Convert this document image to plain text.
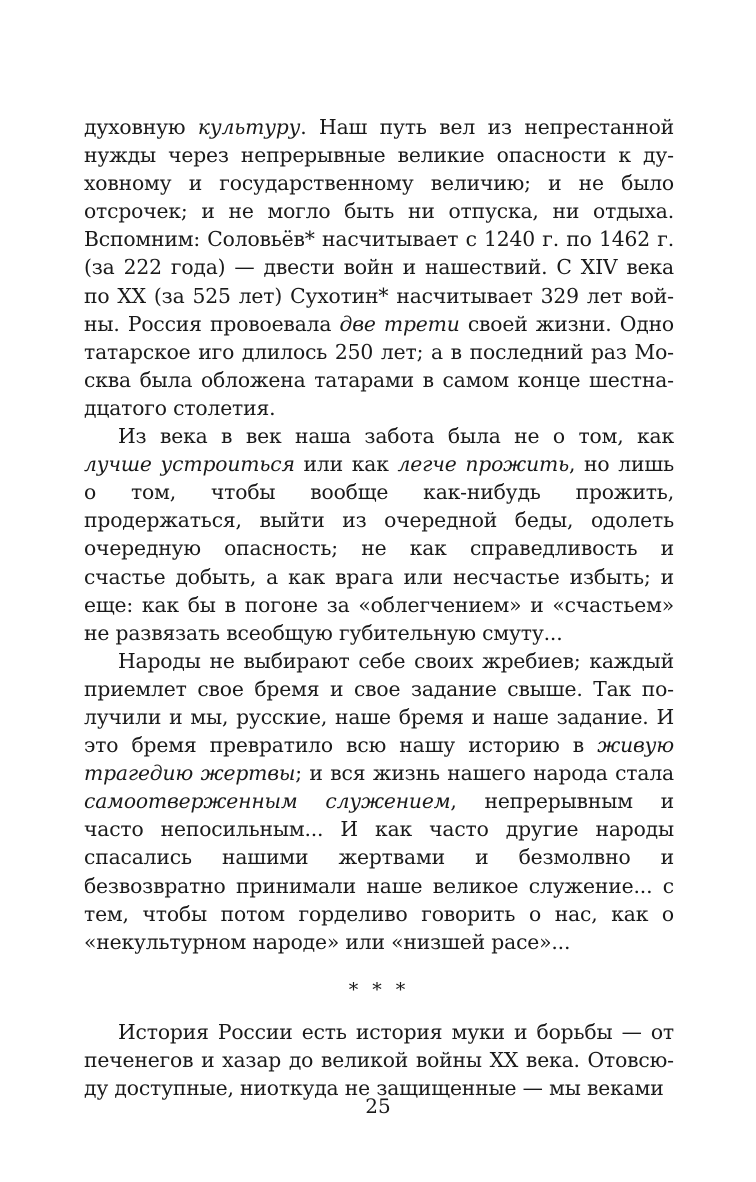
духовную культуру. Наш путь вел из непрестанной нужды через непрерывные великие опасности к духовному и государственному величию; и не было отсрочек; и не могло быть ни отпуска, ни отдыха. Вспомним: Соловьёв* насчитывает с 1240 г. по 1462 г. (за 222 года) — двести войн и нашествий. С XIV века по XX (за 525 лет) Сухотин* насчитывает 329 лет войны. Россия провоевала две трети своей жизни. Одно татарское иго длилось 250 лет; а в последний раз Москва была обложена татарами в самом конце шестнадцатого столетия.

Из века в век наша забота была не о том, как лучше устроиться или как легче прожить, но лишь о том, чтобы вообще как-нибудь прожить, продержаться, выйти из очередной беды, одолеть очередную опасность; не как справедливость и счастье добыть, а как врага или несчастье избыть; и еще: как бы в погоне за «облегчением» и «счастьем» не развязать всеобщую губительную смуту...

Народы не выбирают себе своих жребиев; каждый приемлет свое бремя и свое задание свыше. Так получили и мы, русские, наше бремя и наше задание. И это бремя превратило всю нашу историю в живую трагедию жертвы; и вся жизнь нашего народа стала самоотверженным служением, непрерывным и часто непосильным... И как часто другие народы спасались нашими жертвами и безмолвно и безвозвратно принимали наше великое служение... с тем, чтобы потом горделиво говорить о нас, как о «некультурном народе» или «низшей расе»...

* * *

История России есть история муки и борьбы — от печенегов и хазар до великой войны XX века. Отовсюду доступные, ниоткуда не защищенные — мы веками

25
